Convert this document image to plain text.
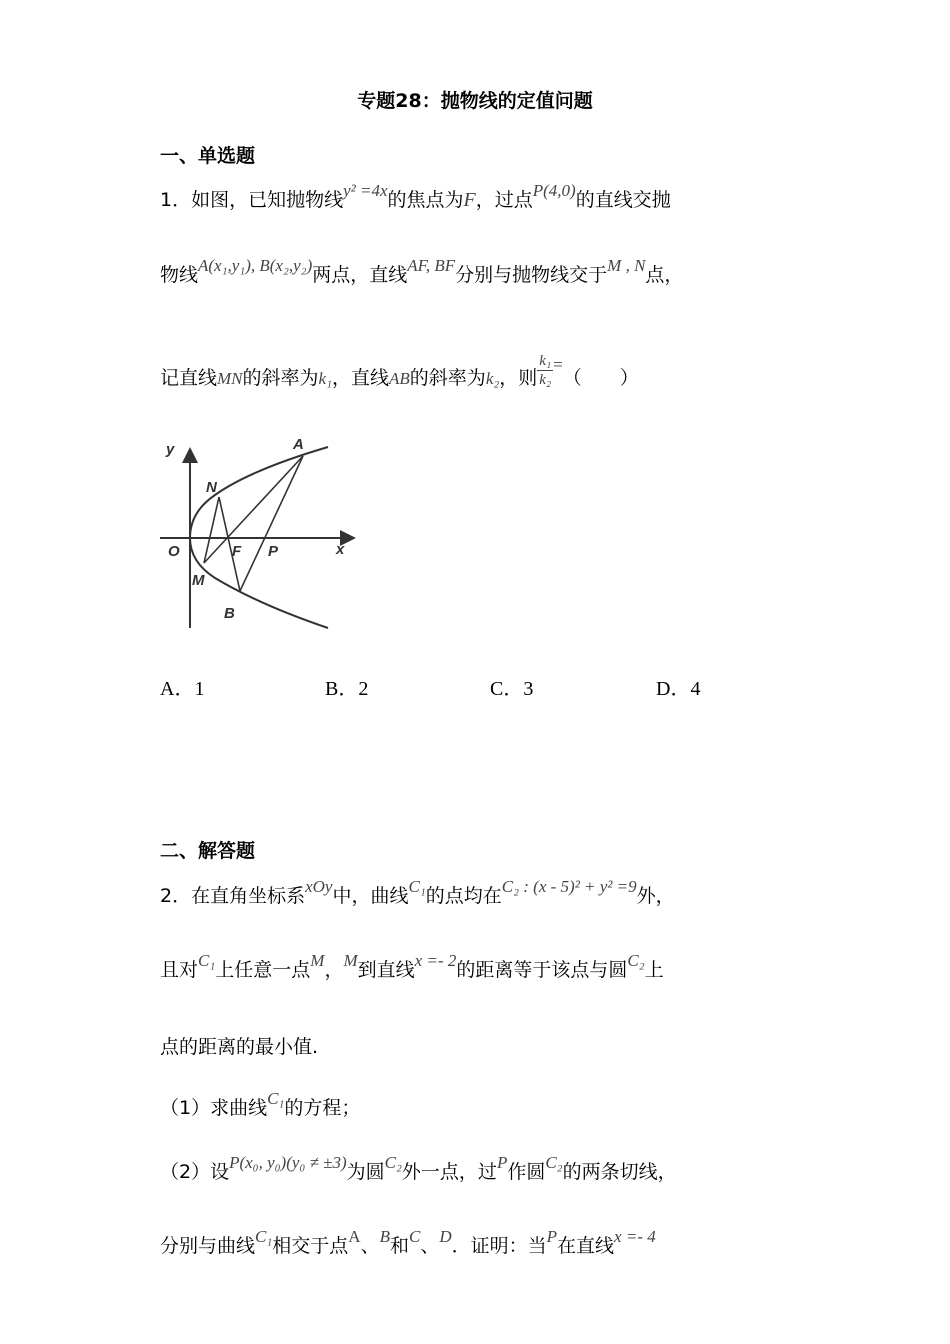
专题28：抛物线的定值问题
一、单选题
1．如图，已知抛物线y² =4x的焦点为F，过点P(4,0)的直线交抛
物线A(x₁,y₁), B(x₂,y₂)两点，直线AF, BF分别与抛物线交于M , N点，
记直线MN的斜率为k₁，直线AB的斜率为k₂，则 $\frac{\text{k₁}}{\text{k₂}}$ =（　　）
y
x
O
A
N
F P
M
B
A．1	B．2	C．3	D．4
二、解答题
2．在直角坐标系xOy中，曲线C₁的点均在C₂ : (x - 5)² + y² =9外，
且对C₁上任意一点M，M到直线x =- 2的距离等于该点与圆C₂上
点的距离的最小值.
（1）求曲线C₁的方程；
（2）设P(x₀, y₀)(y₀ ≠ ±3)为圆C₂外一点，过P作圆C₂的两条切线，
分别与曲线C₁相交于点A、B和C、D．证明：当P在直线x =- 4
